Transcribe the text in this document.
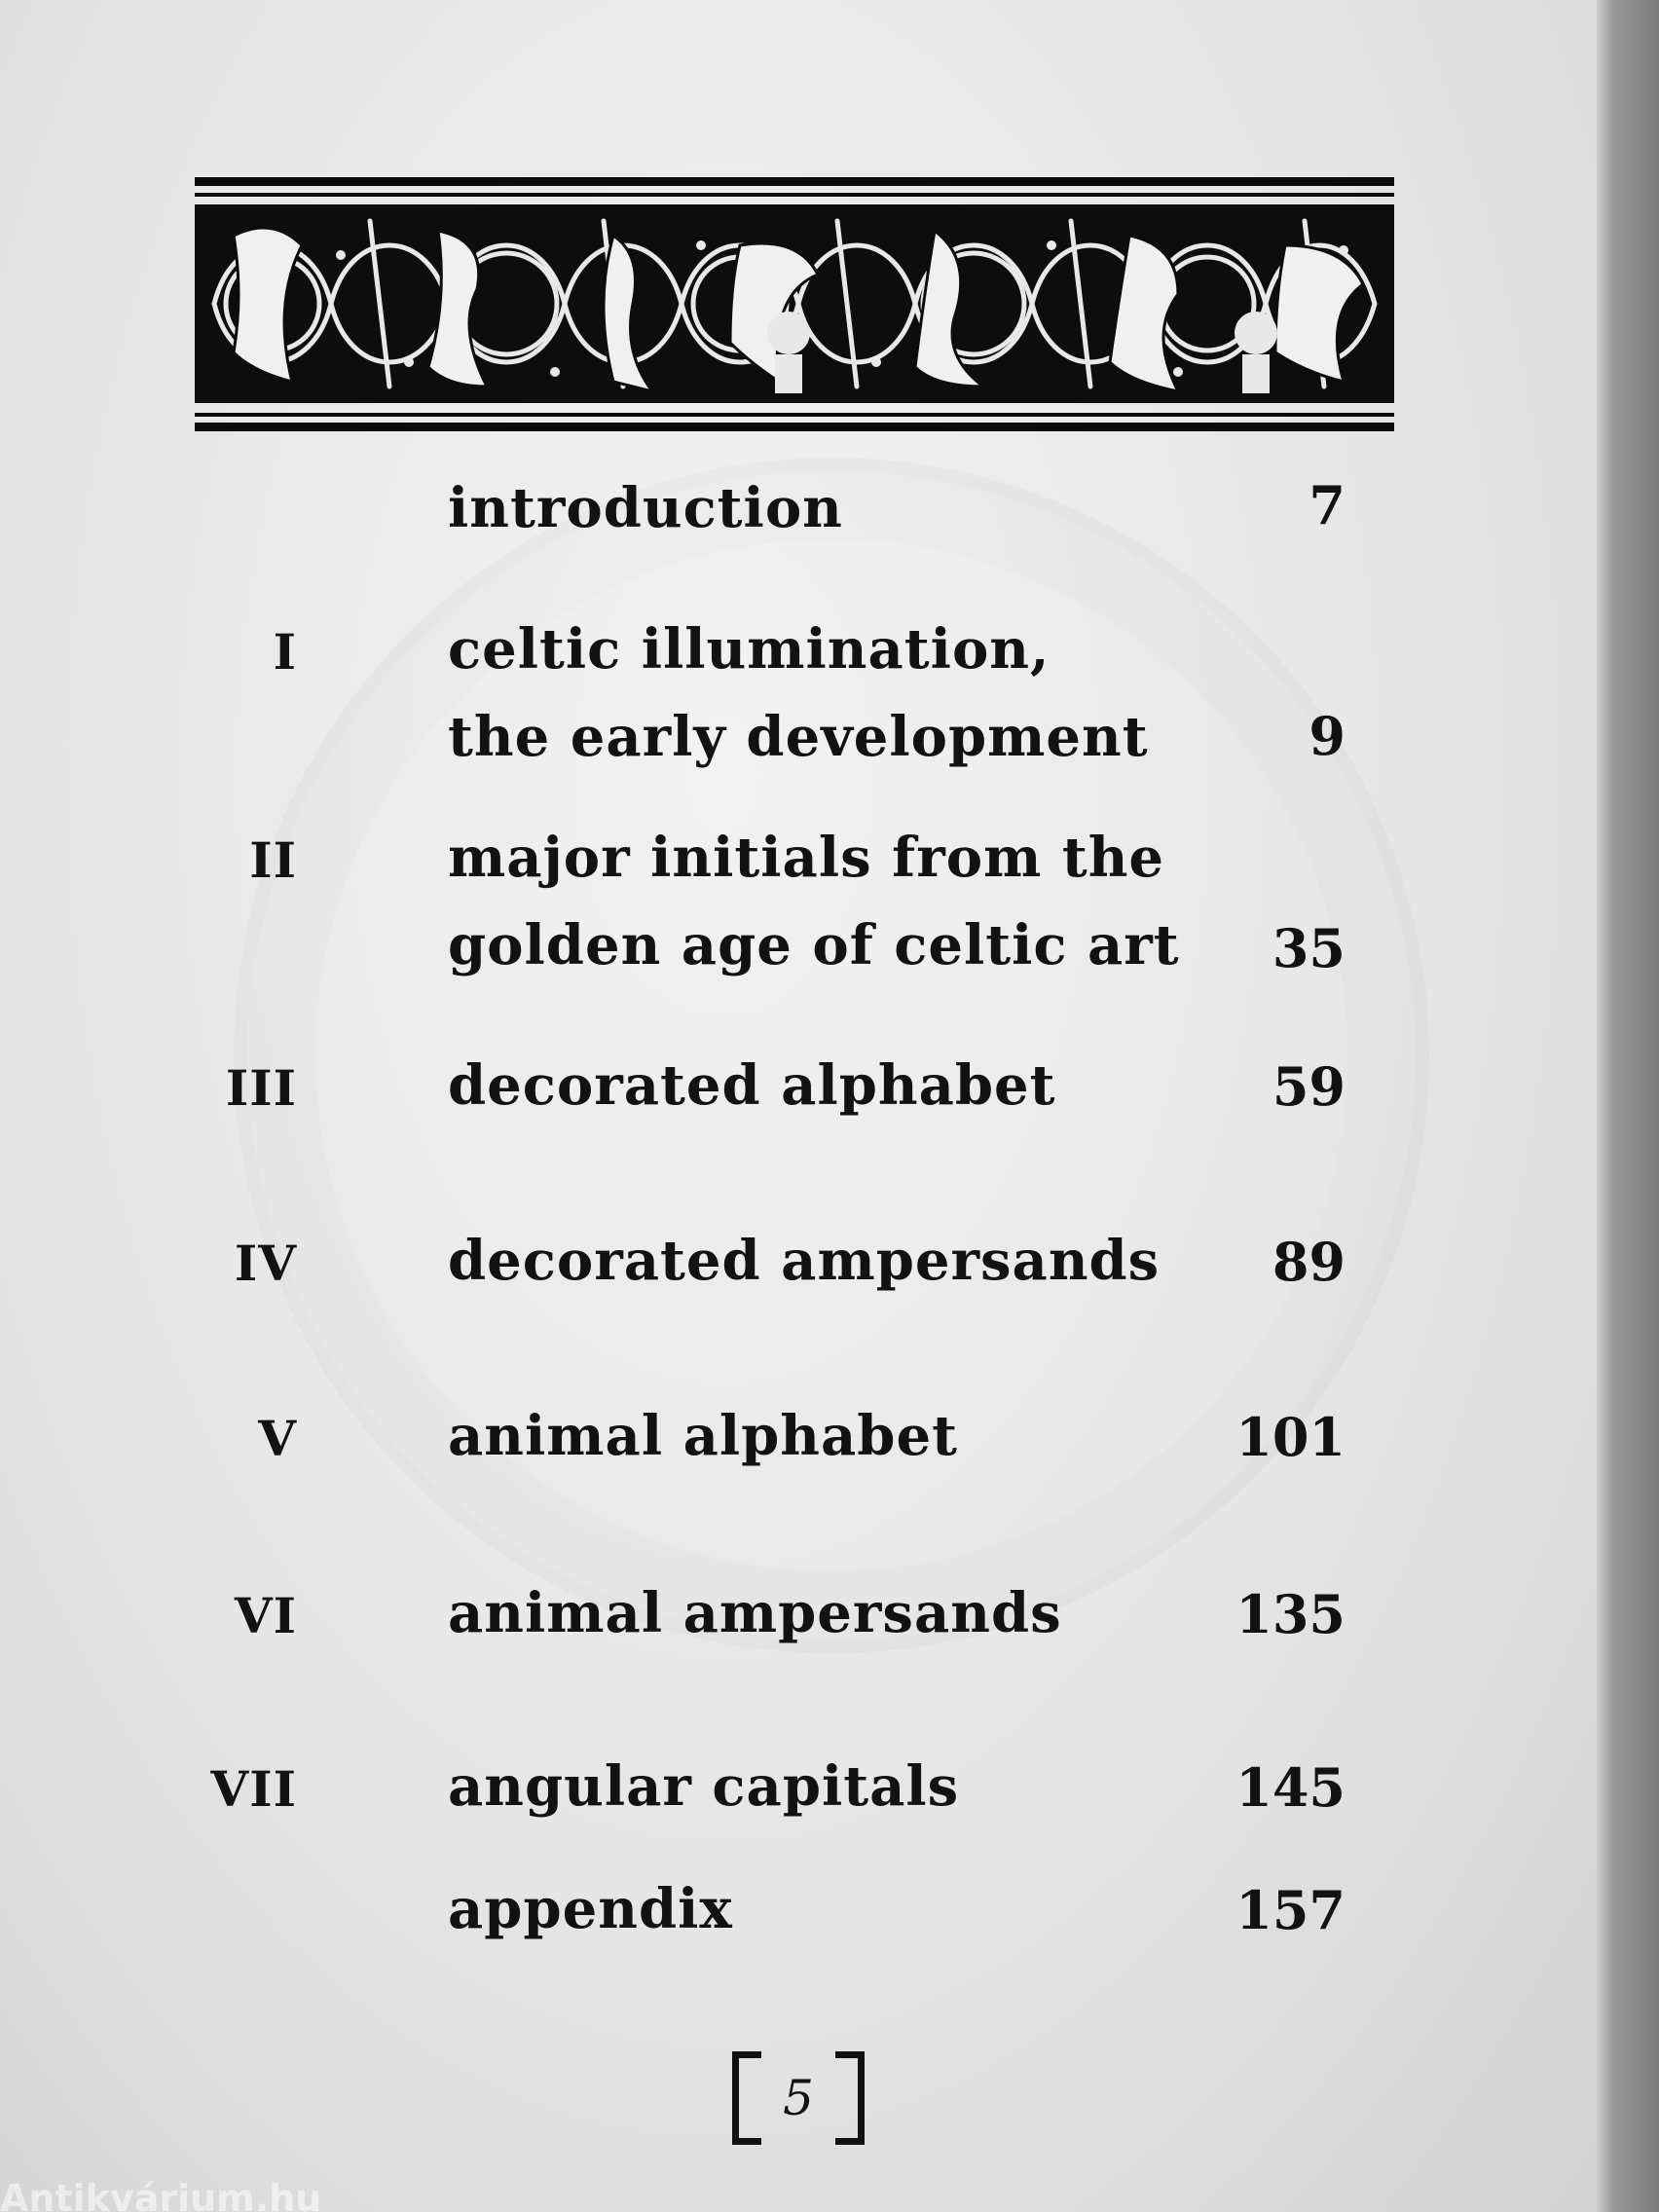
introduction	7
I	celtic illumination,
the early development	9
II	major initials from the
golden age of celtic art 35
III	decorated alphabet	59
IV	decorated ampersands 89
V	animal alphabet	101
VI	animal ampersands	135
VII	angular capitals	145
appendix	157
5
Antikvárium.hu
